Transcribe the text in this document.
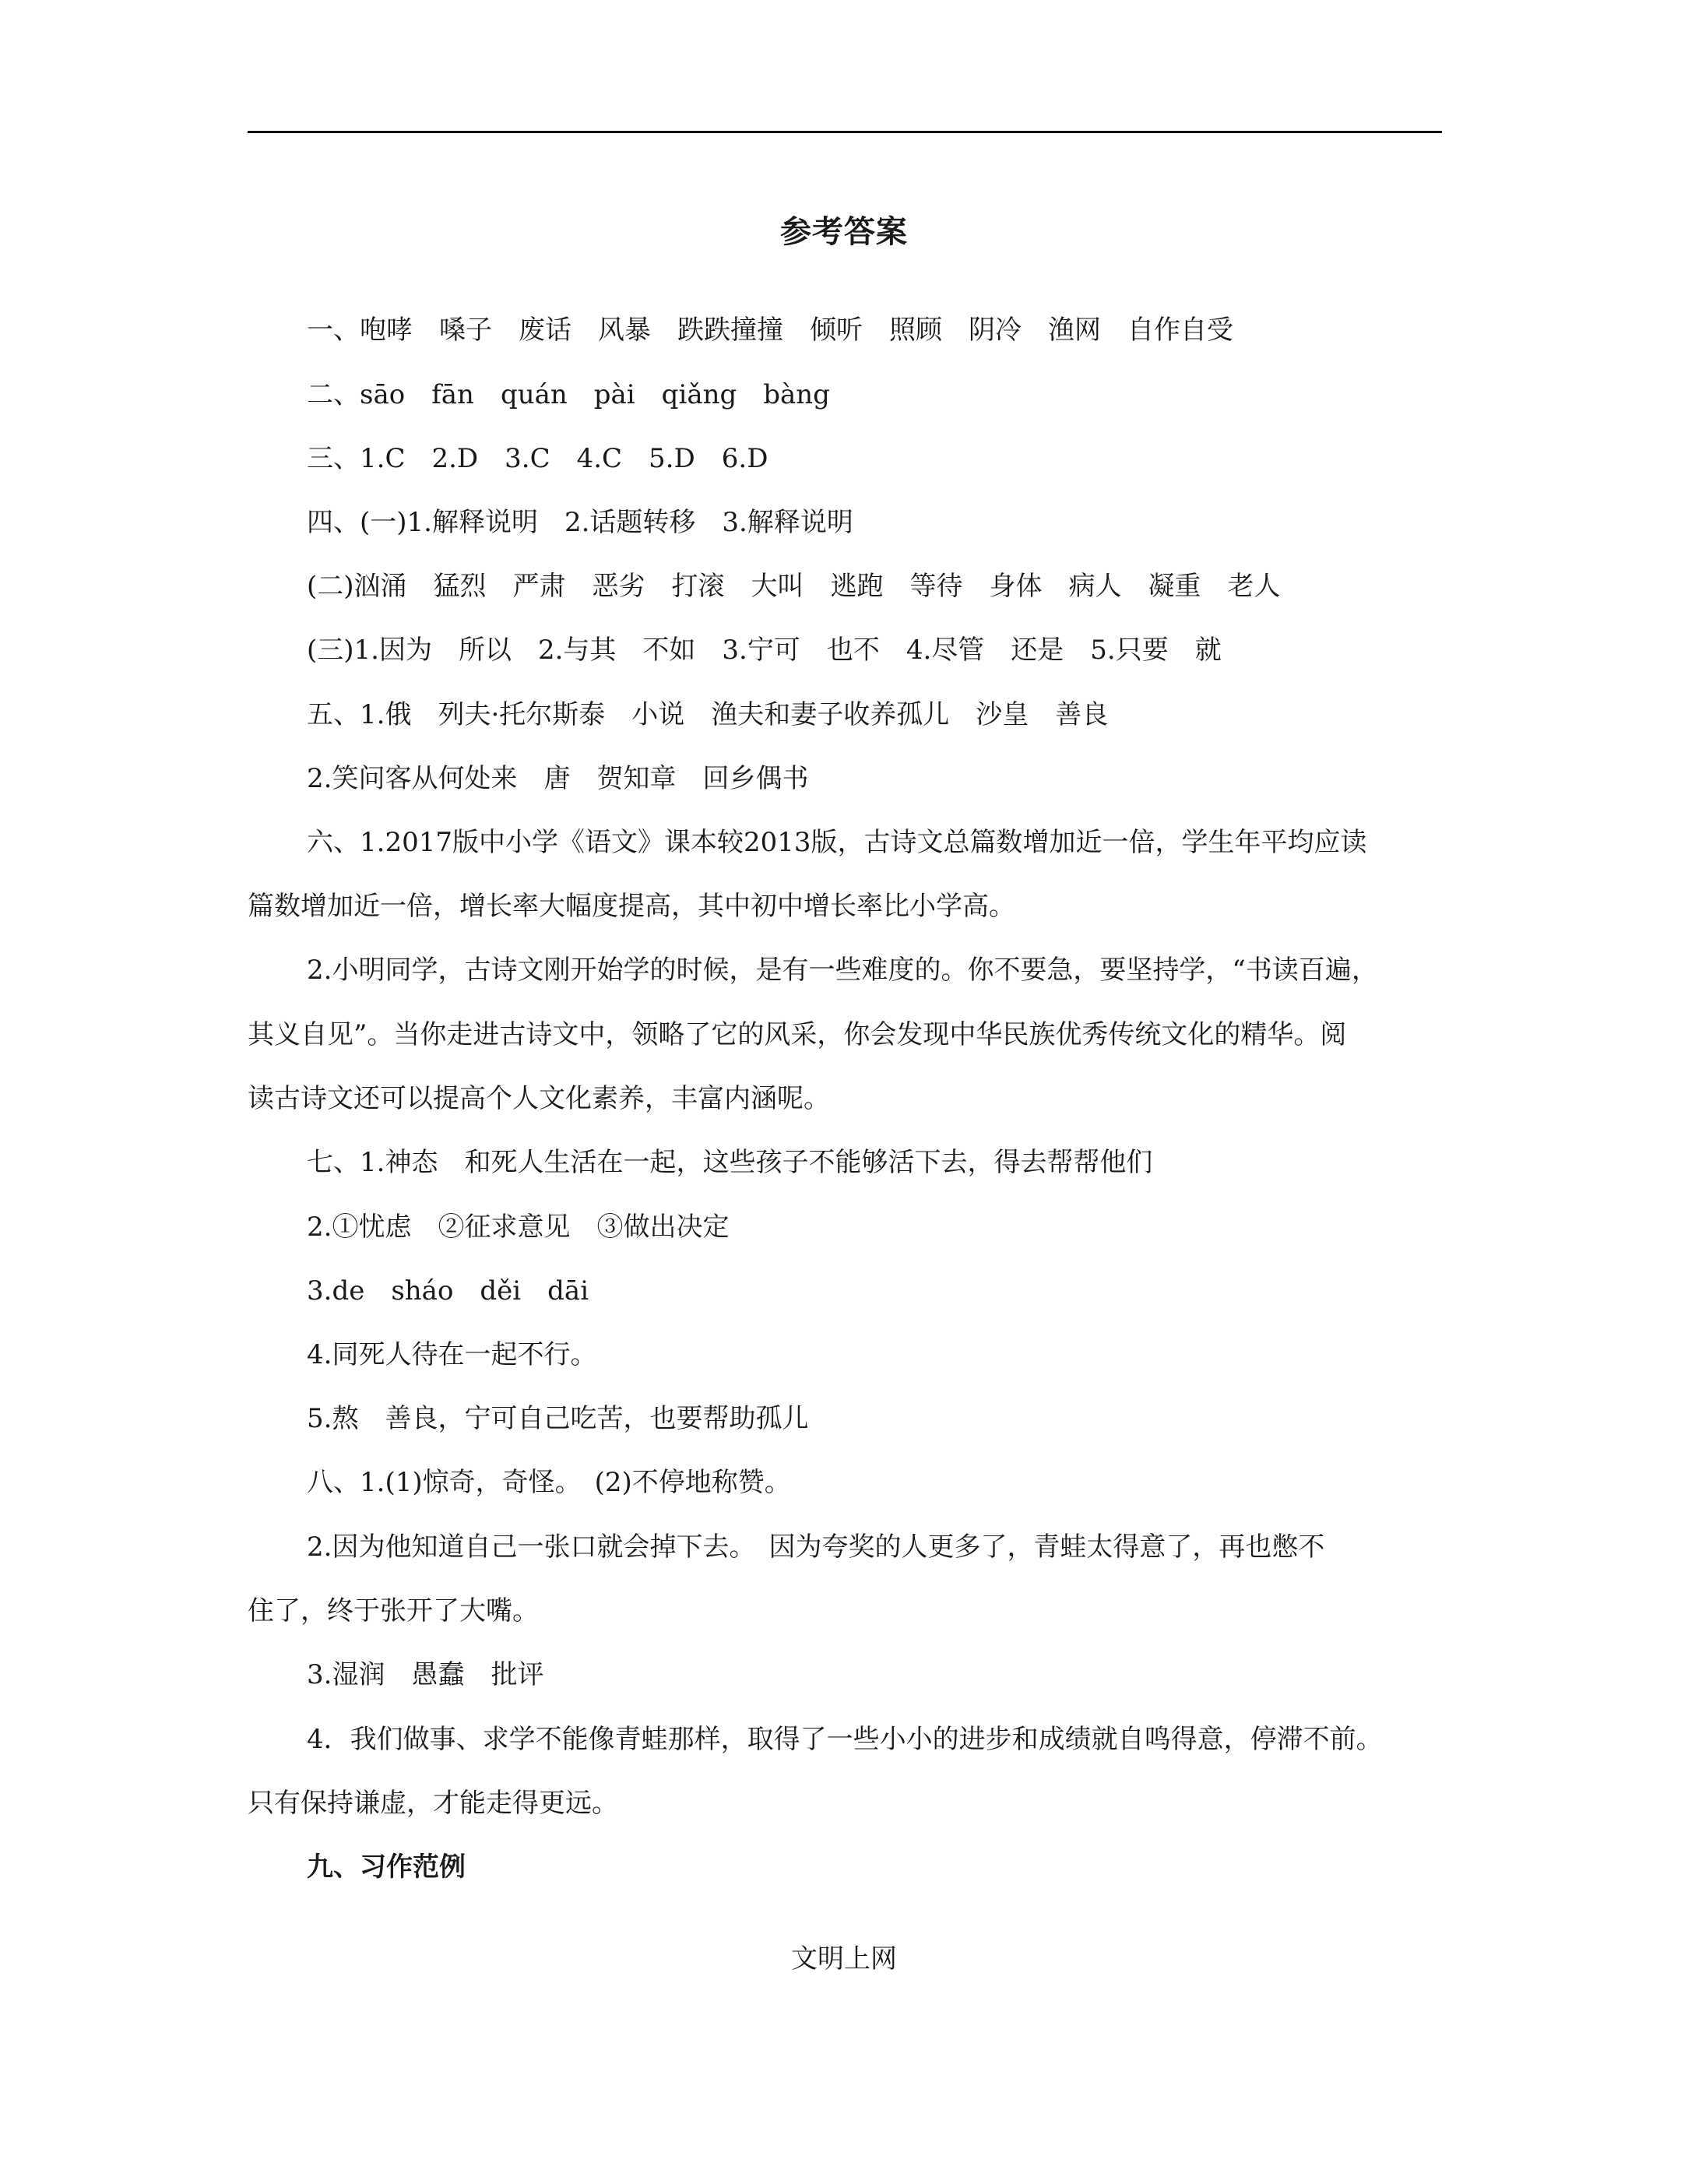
参考答案
一、咆哮　嗓子　废话　风暴　跌跌撞撞　倾听　照顾　阴冷　渔网　自作自受
二、sāo　fān　quán　pài　qiǎng　bàng
三、1.C　2.D　3.C　4.C　5.D　6.D
四、(一)1.解释说明　2.话题转移　3.解释说明
(二)汹涌　猛烈　严肃　恶劣　打滚　大叫　逃跑　等待　身体　病人　凝重　老人
(三)1.因为　所以　2.与其　不如　3.宁可　也不　4.尽管　还是　5.只要　就
五、1.俄　列夫·托尔斯泰　小说　渔夫和妻子收养孤儿　沙皇　善良
2.笑问客从何处来　唐　贺知章　回乡偶书
六、1.2017版中小学《语文》课本较2013版，古诗文总篇数增加近一倍，学生年平均应读
篇数增加近一倍，增长率大幅度提高，其中初中增长率比小学高。
2.小明同学，古诗文刚开始学的时候，是有一些难度的。你不要急，要坚持学，“书读百遍，
其义自见”。当你走进古诗文中，领略了它的风采，你会发现中华民族优秀传统文化的精华。阅
读古诗文还可以提高个人文化素养，丰富内涵呢。
七、1.神态　和死人生活在一起，这些孩子不能够活下去，得去帮帮他们
2.①忧虑　②征求意见　③做出决定
3.de　sháo　děi　dāi
4.同死人待在一起不行。
5.熬　善良，宁可自己吃苦，也要帮助孤儿
八、1.(1)惊奇，奇怪。　(2)不停地称赞。
2.因为他知道自己一张口就会掉下去。　因为夸奖的人更多了，青蛙太得意了，再也憋不
住了，终于张开了大嘴。
3.湿润　愚蠢　批评
4．我们做事、求学不能像青蛙那样，取得了一些小小的进步和成绩就自鸣得意，停滞不前。
只有保持谦虚，才能走得更远。
九、习作范例
文明上网
